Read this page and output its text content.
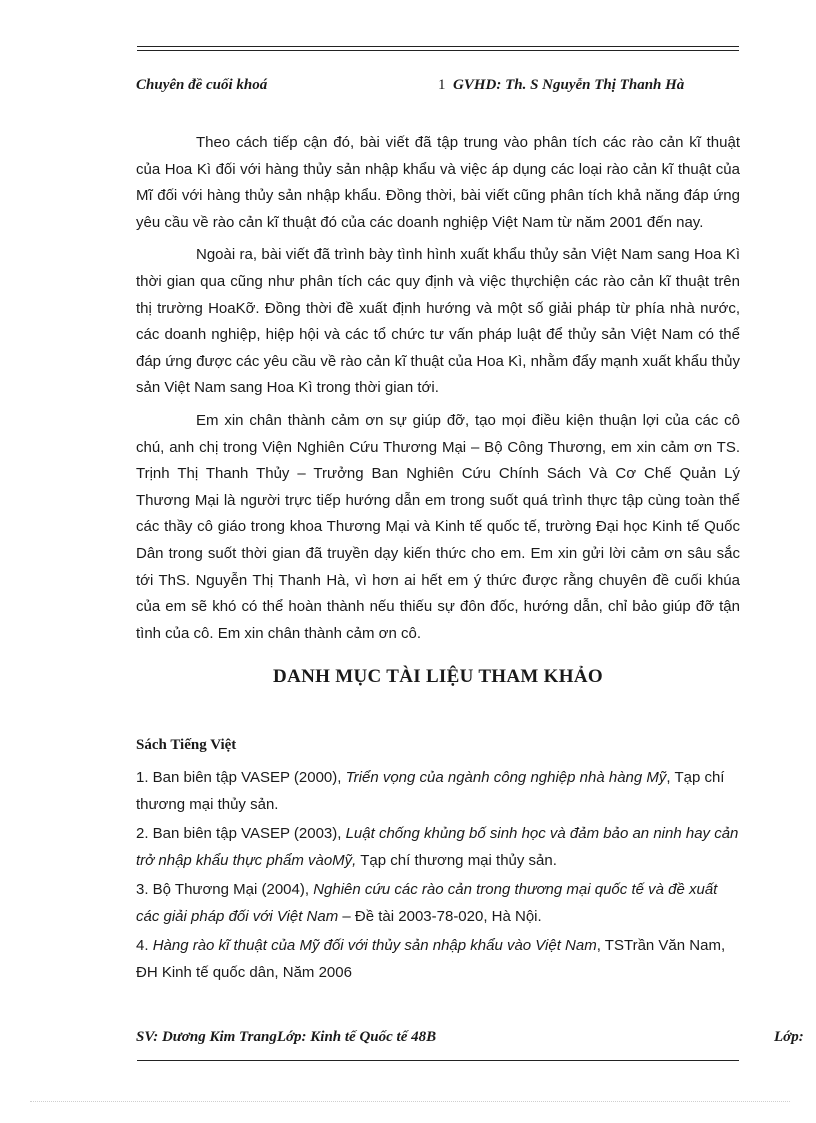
Chuyên đề cuối khoá	1 GVHD: Th. S Nguyễn Thị Thanh Hà

Theo cách tiếp cận đó, bài viết đã tập trung vào phân tích các rào cản kĩ thuật của Hoa Kì đối với hàng thủy sản nhập khẩu và việc áp dụng các loại rào cản kĩ thuật của Mĩ đối với hàng thủy sản nhập khẩu. Đồng thời, bài viết cũng phân tích khả năng đáp ứng yêu cầu về rào cản kĩ thuật đó của các doanh nghiệp Việt Nam từ năm 2001 đến nay.

Ngoài ra, bài viết đã trình bày tình hình xuất khẩu thủy sản Việt Nam sang Hoa Kì thời gian qua cũng như phân tích các quy định và việc thựchiện các rào cản kĩ thuật trên thị trường HoaKỡ. Đồng thời đề xuất định hướng và một số giải pháp từ phía nhà nước, các doanh nghiệp, hiệp hội và các tổ chức tư vấn pháp luật để thủy sản Việt Nam có thể đáp ứng được các yêu cầu về rào cản kĩ thuật của Hoa Kì, nhằm đẩy mạnh xuất khẩu thủy sản Việt Nam sang Hoa Kì trong thời gian tới.

Em xin chân thành cảm ơn sự giúp đỡ, tạo mọi điều kiện thuận lợi của các cô chú, anh chị trong Viện Nghiên Cứu Thương Mại – Bộ Công Thương, em xin cảm ơn TS. Trịnh Thị Thanh Thủy – Trưởng Ban Nghiên Cứu Chính Sách Và Cơ Chế Quản Lý Thương Mại là người trực tiếp hướng dẫn em trong suốt quá trình thực tập cùng toàn thể các thầy cô giáo trong khoa Thương Mại và Kinh tế quốc tế, trường Đại học Kinh tế Quốc Dân trong suốt thời gian đã truyền dạy kiến thức cho em. Em xin gửi lời cảm ơn sâu sắc tới ThS. Nguyễn Thị Thanh Hà, vì hơn ai hết em ý thức được rằng chuyên đề cuối khúa của em sẽ khó có thể hoàn thành nếu thiếu sự đôn đốc, hướng dẫn, chỉ bảo giúp đỡ tận tình của cô. Em xin chân thành cảm ơn cô.

DANH MỤC TÀI LIỆU THAM KHẢO
Sách Tiếng Việt
1. Ban biên tập VASEP (2000), Triển vọng của ngành công nghiệp nhà hàng Mỹ, Tạp chí thương mại thủy sản.
2. Ban biên tập VASEP (2003), Luật chống khủng bố sinh học và đảm bảo an ninh hay cản trở nhập khẩu thực phẩm vàoMỹ, Tạp chí thương mại thủy sản.
3. Bộ Thương Mại (2004), Nghiên cứu các rào cản trong thương mại quốc tế và đề xuất các giải pháp đối với Việt Nam – Đề tài 2003-78-020, Hà Nội.
4. Hàng rào kĩ thuật của Mỹ đối với thủy sản nhập khẩu vào Việt Nam, TSTrần Văn Nam, ĐH Kinh tế quốc dân, Năm 2006
SV: Dương Kim TrangLớp: Kinh tế Quốc tế 48B	Lớp:
